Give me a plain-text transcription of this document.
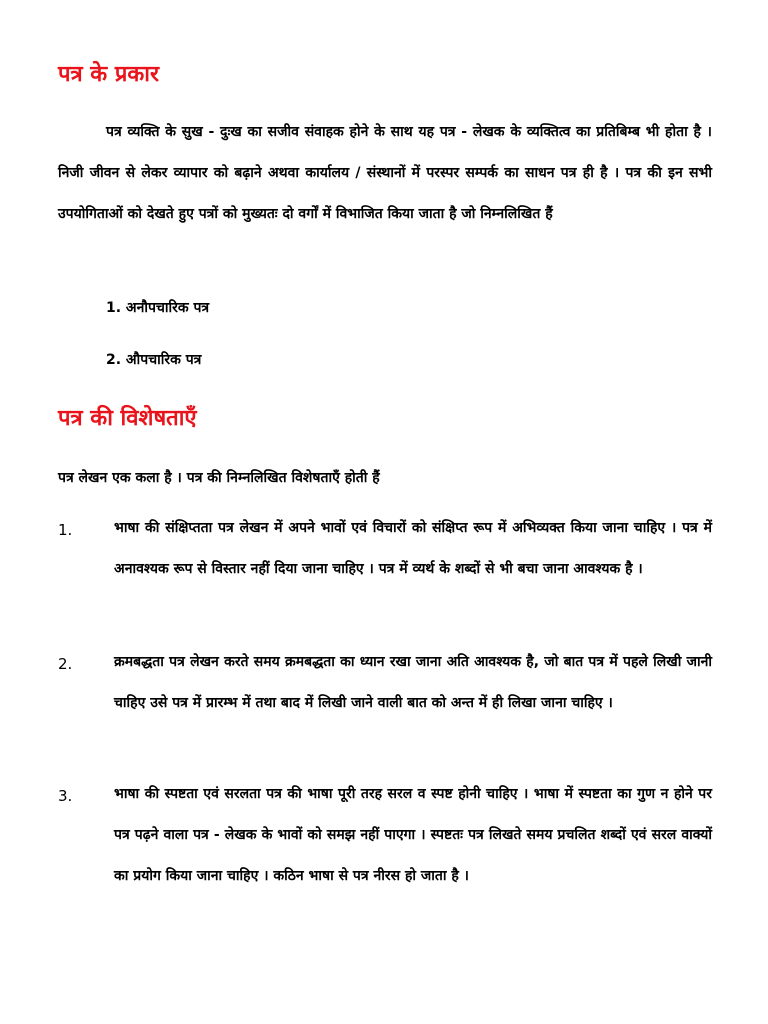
पत्र के प्रकार

पत्र व्यक्ति के सुख - दुःख का सजीव संवाहक होने के साथ यह पत्र - लेखक के व्यक्तित्व का प्रतिबिम्ब भी होता है । निजी जीवन से लेकर व्यापार को बढ़ाने अथवा कार्यालय / संस्थानों में परस्पर सम्पर्क का साधन पत्र ही है । पत्र की इन सभी उपयोगिताओं को देखते हुए पत्रों को मुख्यतः दो वर्गों में विभाजित किया जाता है जो निम्नलिखित हैं

1. अनौपचारिक पत्र

2. औपचारिक पत्र

पत्र की विशेषताएँ

पत्र लेखन एक कला है । पत्र की निम्नलिखित विशेषताएँ होती हैं

1.	भाषा की संक्षिप्तता पत्र लेखन में अपने भावों एवं विचारों को संक्षिप्त रूप में अभिव्यक्त किया जाना चाहिए । पत्र में अनावश्यक रूप से विस्तार नहीं दिया जाना चाहिए । पत्र में व्यर्थ के शब्दों से भी बचा जाना आवश्यक है ।

2.	क्रमबद्धता पत्र लेखन करते समय क्रमबद्धता का ध्यान रखा जाना अति आवश्यक है, जो बात पत्र में पहले लिखी जानी चाहिए उसे पत्र में प्रारम्भ में तथा बाद में लिखी जाने वाली बात को अन्त में ही लिखा जाना चाहिए ।

3.	भाषा की स्पष्टता एवं सरलता पत्र की भाषा पूरी तरह सरल व स्पष्ट होनी चाहिए । भाषा में स्पष्टता का गुण न होने पर पत्र पढ़ने वाला पत्र - लेखक के भावों को समझ नहीं पाएगा । स्पष्टतः पत्र लिखते समय प्रचलित शब्दों एवं सरल वाक्यों का प्रयोग किया जाना चाहिए । कठिन भाषा से पत्र नीरस हो जाता है ।
